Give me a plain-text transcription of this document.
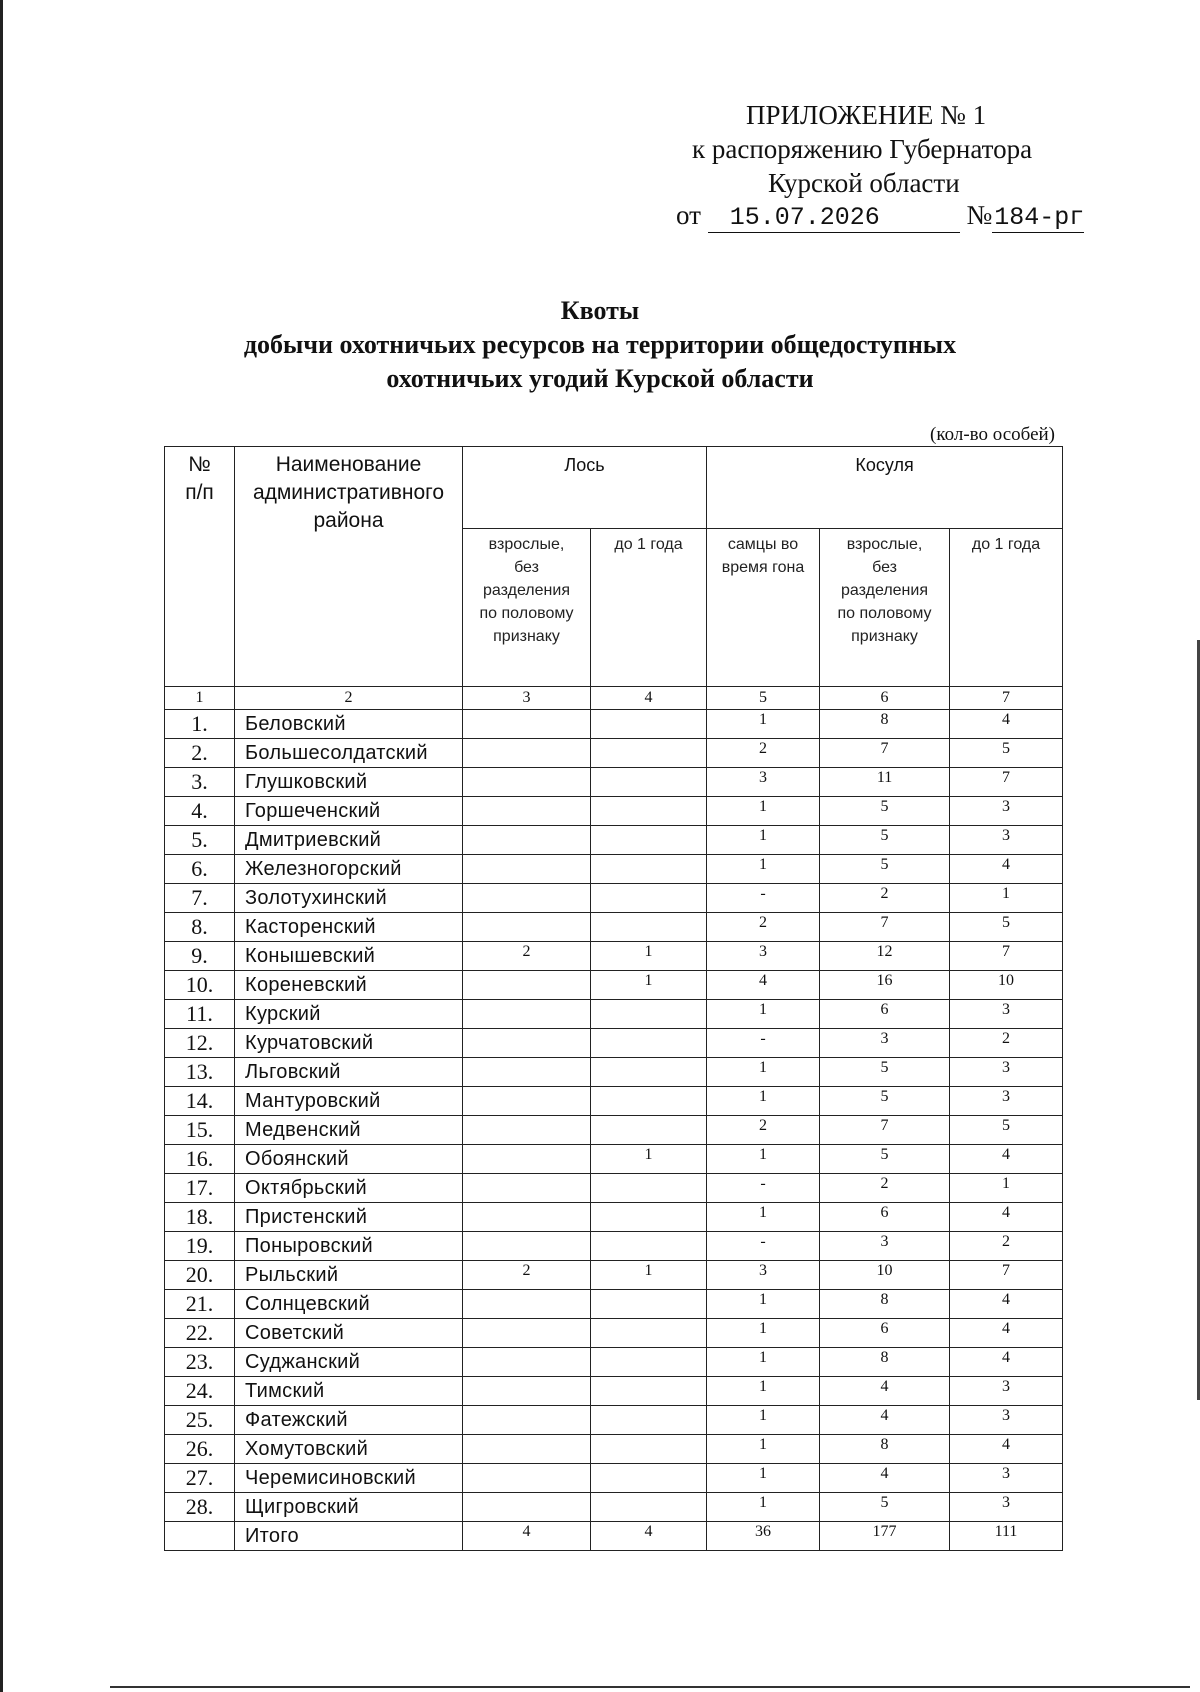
ПРИЛОЖЕНИЕ № 1
к распоряжению Губернатора
Курской области
от 15.07.2026	№184-рг
Квоты
добычи охотничьих ресурсов на территории общедоступных
охотничьих угодий Курской области
(кол-во особей)
№ п/п	Наименование административного района	Лось		Косуля		
		взрослые, без разделения по половому признаку	до 1 года	самцы во время гона	взрослые, без разделения по половому признаку	до 1 года
1	2	3	4	5	6	7
1.	Беловский			1	8	4
2.	Большесолдатский			2	7	5
3.	Глушковский			3	11	7
4.	Горшеченский			1	5	3
5.	Дмитриевский			1	5	3
6.	Железногорский			1	5	4
7.	Золотухинский			-	2	1
8.	Касторенский			2	7	5
9.	Конышевский	2	1	3	12	7
10.	Кореневский		1	4	16	10
11.	Курский			1	6	3
12.	Курчатовский			-	3	2
13.	Льговский			1	5	3
14.	Мантуровский			1	5	3
15.	Медвенский			2	7	5
16.	Обоянский		1	1	5	4
17.	Октябрьский			-	2	1
18.	Пристенский			1	6	4
19.	Поныровский			-	3	2
20.	Рыльский	2	1	3	10	7
21.	Солнцевский			1	8	4
22.	Советский			1	6	4
23.	Суджанский			1	8	4
24.	Тимский			1	4	3
25.	Фатежский			1	4	3
26.	Хомутовский			1	8	4
27.	Черемисиновский			1	4	3
28.	Щигровский			1	5	3
	Итого	4	4	36	177	111
